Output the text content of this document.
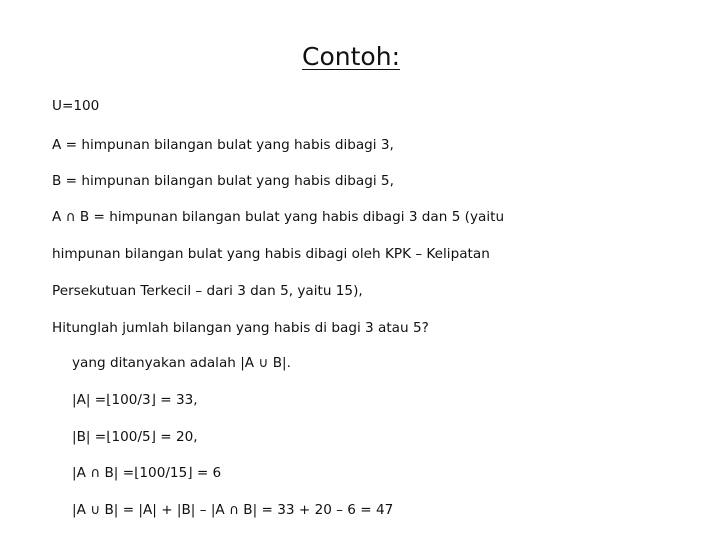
Contoh:
U=100
A = himpunan bilangan bulat yang habis dibagi 3,
B = himpunan bilangan bulat yang habis dibagi 5,
A ∩ B = himpunan bilangan bulat yang habis dibagi 3 dan 5 (yaitu
himpunan bilangan bulat yang habis dibagi oleh KPK – Kelipatan
Persekutuan Terkecil – dari 3 dan 5, yaitu 15),
Hitunglah jumlah bilangan yang habis di bagi 3 atau 5?
yang ditanyakan adalah |A ∪ B|.
|A| =⌊100/3⌋ = 33,
|B| =⌊100/5⌋ = 20,
|A ∩ B| =⌊100/15⌋ = 6
|A ∪ B| = |A| + |B| – |A ∩ B| = 33 + 20 – 6 = 47
